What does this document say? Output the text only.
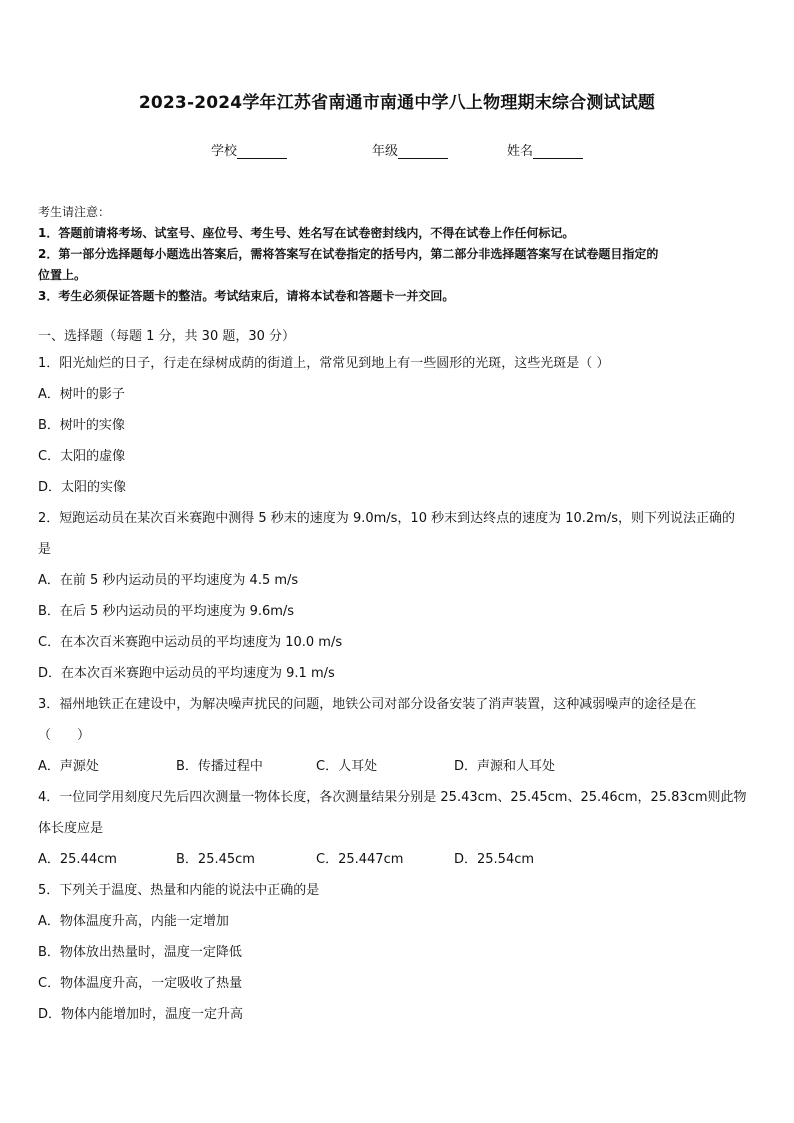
2023-2024学年江苏省南通市南通中学八上物理期末综合测试试题
学校	年级	姓名
考生请注意：
1．答题前请将考场、试室号、座位号、考生号、姓名写在试卷密封线内，不得在试卷上作任何标记。
2．第一部分选择题每小题选出答案后，需将答案写在试卷指定的括号内，第二部分非选择题答案写在试卷题目指定的
位置上。
3．考生必须保证答题卡的整洁。考试结束后，请将本试卷和答题卡一并交回。
一、选择题（每题 1 分，共 30 题，30 分）
1．阳光灿烂的日子，行走在绿树成荫的街道上，常常见到地上有一些圆形的光斑，这些光斑是（ ）
A．树叶的影子
B．树叶的实像
C．太阳的虚像
D．太阳的实像
2．短跑运动员在某次百米赛跑中测得 5 秒末的速度为 9.0m/s，10 秒末到达终点的速度为 10.2m/s，则下列说法正确的
是
A．在前 5 秒内运动员的平均速度为 4.5 m/s
B．在后 5 秒内运动员的平均速度为 9.6m/s
C．在本次百米赛跑中运动员的平均速度为 10.0 m/s
D．在本次百米赛跑中运动员的平均速度为 9.1 m/s
3．福州地铁正在建设中，为解决噪声扰民的问题，地铁公司对部分设备安装了消声装置，这种减弱噪声的途径是在
（　　）
A．声源处	B．传播过程中	C．人耳处	D．声源和人耳处
4．一位同学用刻度尺先后四次测量一物体长度，各次测量结果分别是 25.43cm、25.45cm、25.46cm，25.83cm则此物
体长度应是
A．25.44cm	B．25.45cm	C．25.447cm	D．25.54cm
5．下列关于温度、热量和内能的说法中正确的是
A．物体温度升高，内能一定增加
B．物体放出热量时，温度一定降低
C．物体温度升高，一定吸收了热量
D．物体内能增加时，温度一定升高
